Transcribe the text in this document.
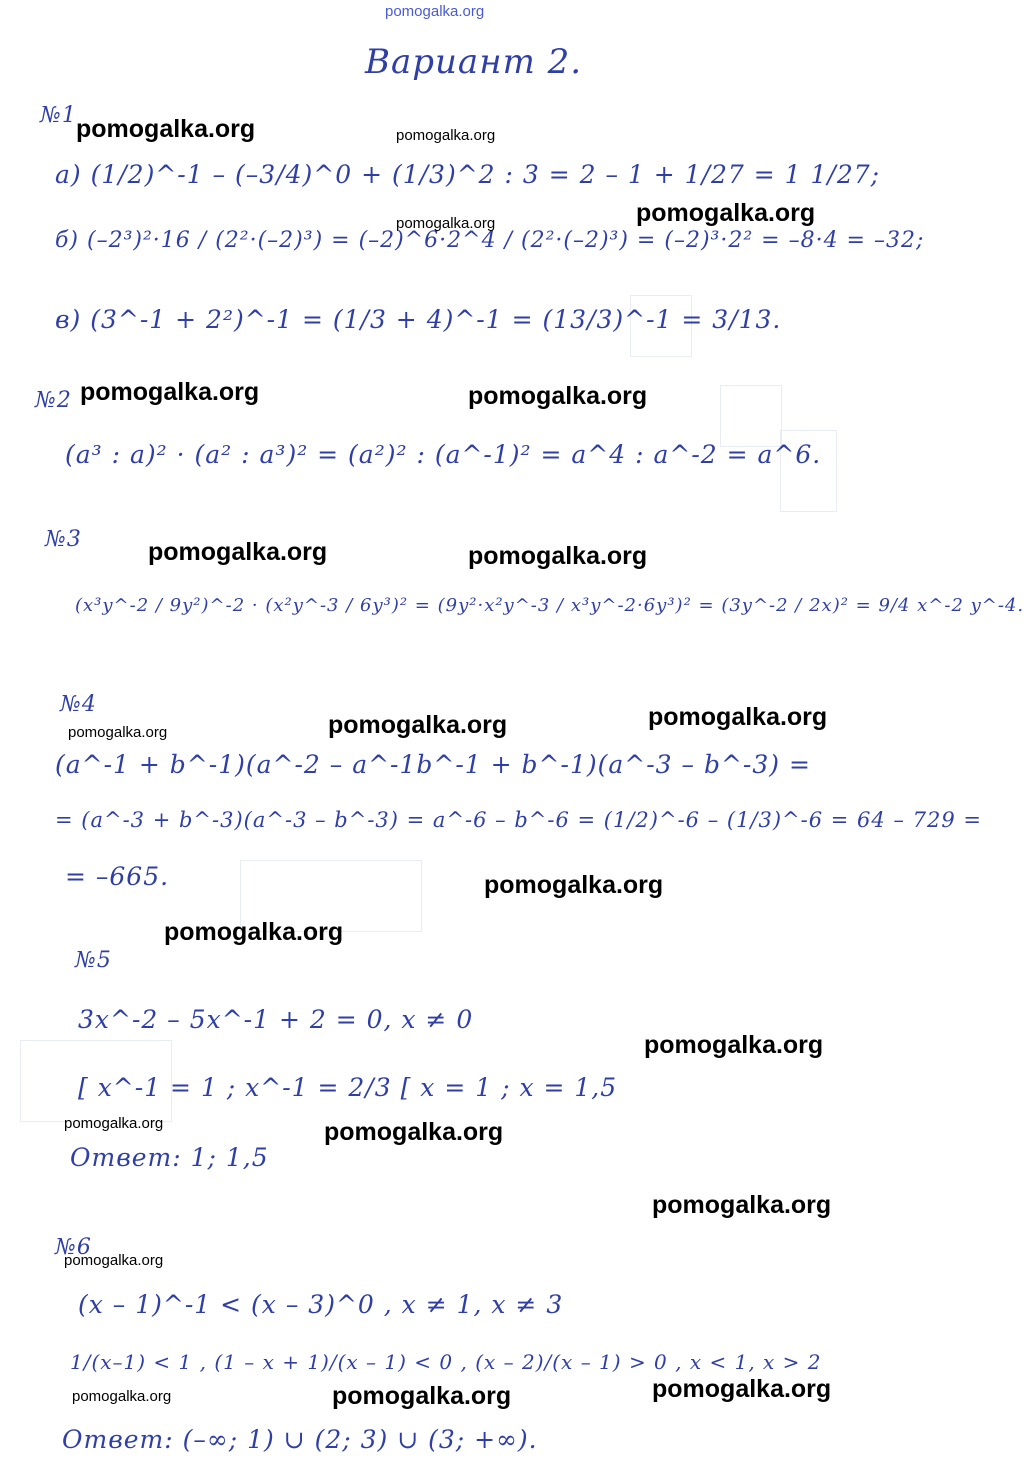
pomogalka.org
Вариант 2.
№1
а) (1/2)^-1 – (–3/4)^0 + (1/3)^2 : 3 = 2 – 1 + 1/27 = 1 1/27;
б) (–2³)²·16 / (2²·(–2)³) = (–2)^6·2^4 / (2²·(–2)³) = (–2)³·2² = –8·4 = –32;
в) (3^-1 + 2²)^-1 = (1/3 + 4)^-1 = (13/3)^-1 = 3/13.
№2
(a³ : a)² · (a² : a³)² = (a²)² : (a^-1)² = a^4 : a^-2 = a^6.
№3
(x³y^-2 / 9y²)^-2 · (x²y^-3 / 6y³)² = (9y²·x²y^-3 / x³y^-2·6y³)² = (3y^-2 / 2x)² = 9/4 x^-2 y^-4.
№4
(a^-1 + b^-1)(a^-2 – a^-1b^-1 + b^-1)(a^-3 – b^-3) =
= (a^-3 + b^-3)(a^-3 – b^-3) = a^-6 – b^-6 = (1/2)^-6 – (1/3)^-6 = 64 – 729 =
= –665.
№5
3x^-2 – 5x^-1 + 2 = 0, x ≠ 0
[ x^-1 = 1 ; x^-1 = 2/3 [ x = 1 ; x = 1,5
Ответ: 1; 1,5
№6
(x – 1)^-1 < (x – 3)^0 , x ≠ 1, x ≠ 3
1/(x–1) < 1 , (1 – x + 1)/(x – 1) < 0 , (x – 2)/(x – 1) > 0 , x < 1, x > 2
Ответ: (–∞; 1) ∪ (2; 3) ∪ (3; +∞).
pomogalka.org	pomogalka.org
pomogalka.org
pomogalka.org
pomogalka.org	pomogalka.org
pomogalka.org	pomogalka.org
pomogalka.org
pomogalka.org
pomogalka.org
pomogalka.org
pomogalka.org
pomogalka.org
pomogalka.org	pomogalka.org
pomogalka.org
pomogalka.org
pomogalka.org
pomogalka.org	pomogalka.org
